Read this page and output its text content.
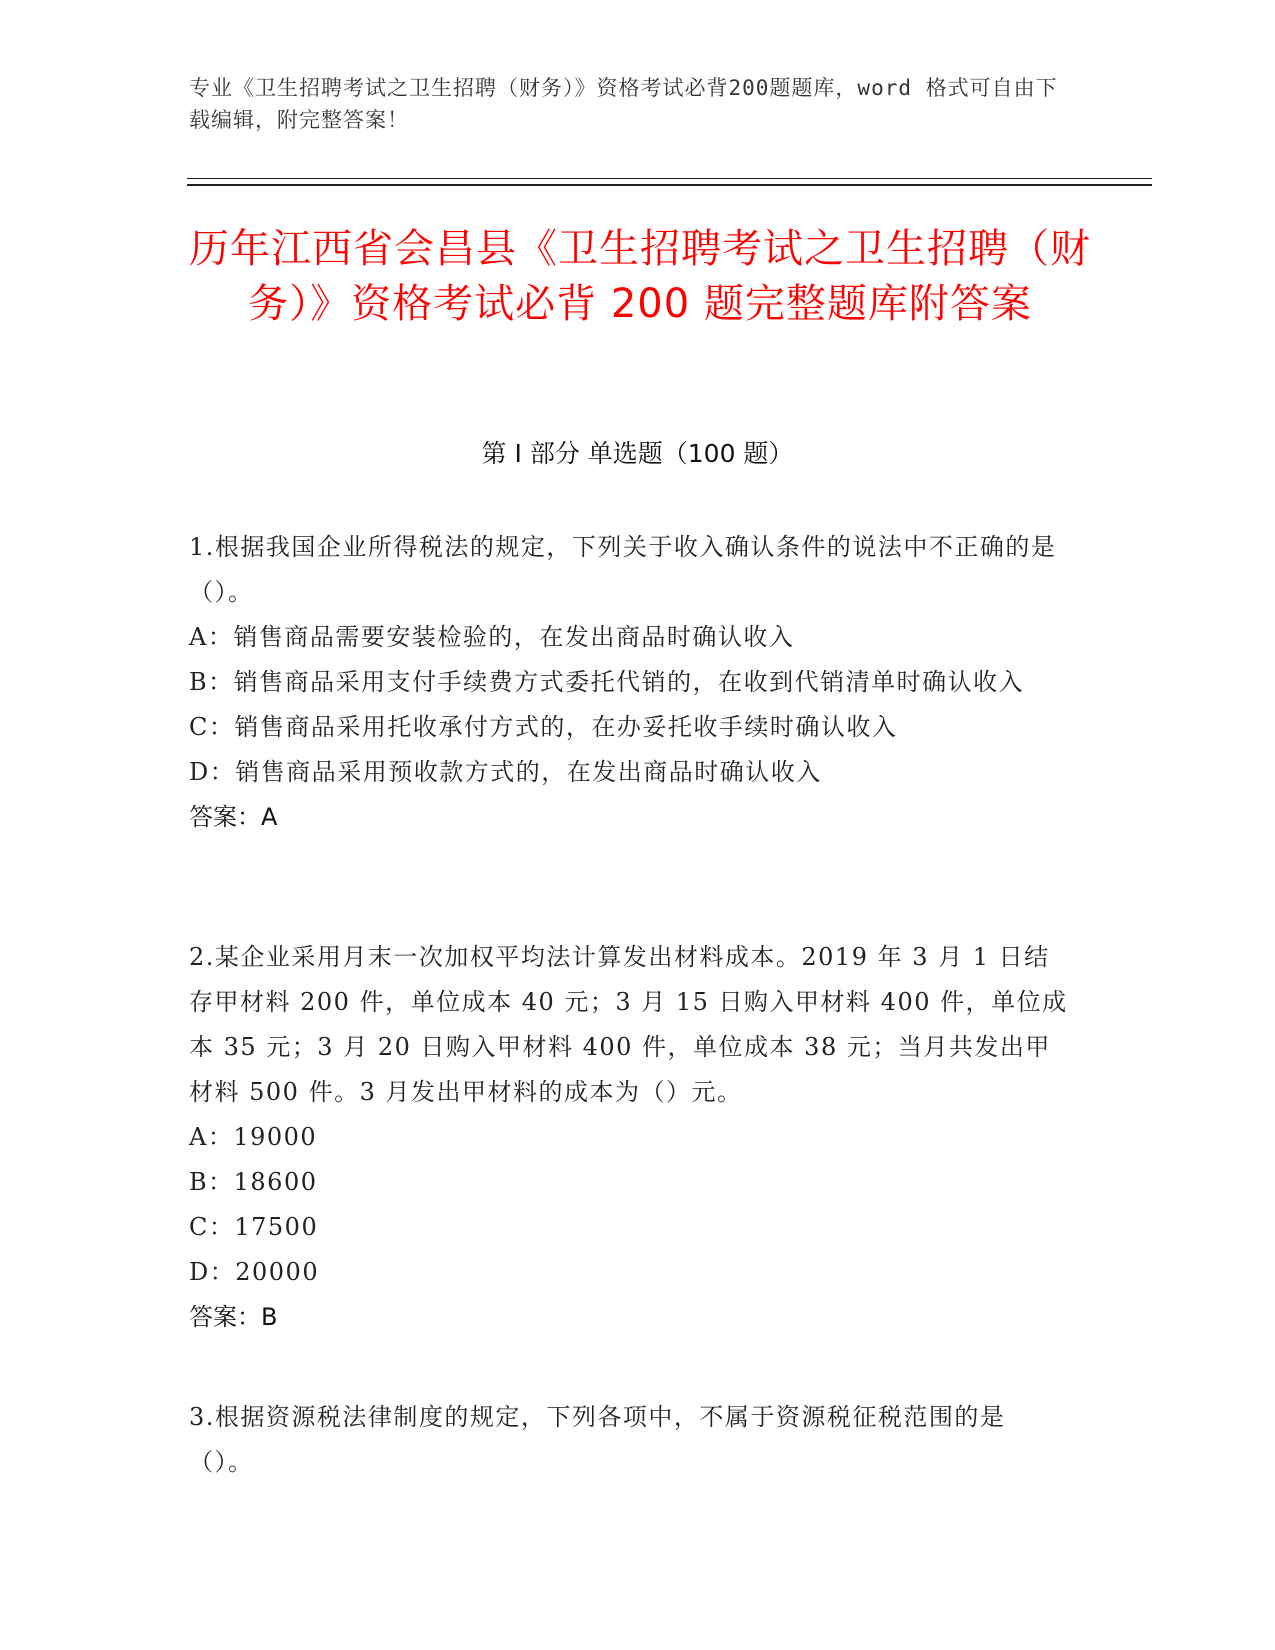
专业《卫生招聘考试之卫生招聘（财务）》资格考试必背200题题库，word 格式可自由下载编辑，附完整答案！
历年江西省会昌县《卫生招聘考试之卫生招聘（财务）》资格考试必背 200 题完整题库附答案
第 I 部分 单选题（100 题）
1.根据我国企业所得税法的规定，下列关于收入确认条件的说法中不正确的是（）。
A：销售商品需要安装检验的，在发出商品时确认收入
B：销售商品采用支付手续费方式委托代销的，在收到代销清单时确认收入
C：销售商品采用托收承付方式的，在办妥托收手续时确认收入
D：销售商品采用预收款方式的，在发出商品时确认收入
答案：A
2.某企业采用月末一次加权平均法计算发出材料成本。2019 年 3 月 1 日结存甲材料 200 件，单位成本 40 元；3 月 15 日购入甲材料 400 件，单位成本 35 元；3 月 20 日购入甲材料 400 件，单位成本 38 元；当月共发出甲材料 500 件。3 月发出甲材料的成本为（）元。
A：19000
B：18600
C：17500
D：20000
答案：B
3.根据资源税法律制度的规定，下列各项中，不属于资源税征税范围的是（）。
